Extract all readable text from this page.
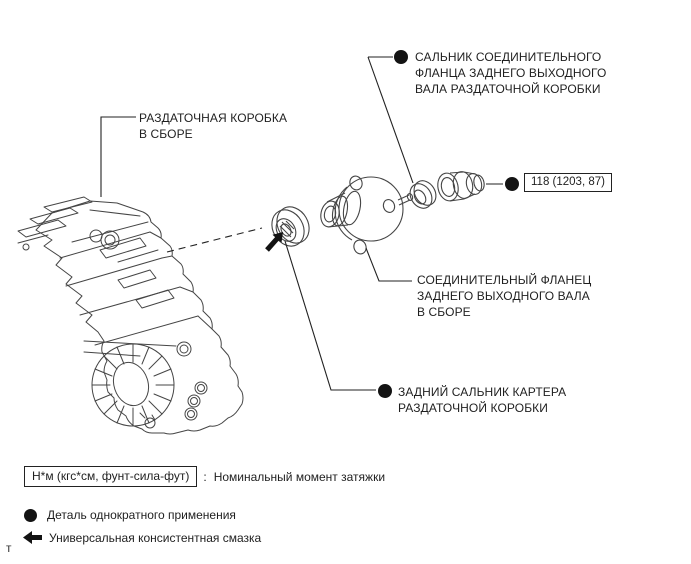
РАЗДАТОЧНАЯ КОРОБКА
В СБОРЕ
САЛЬНИК СОЕДИНИТЕЛЬНОГО
ФЛАНЦА ЗАДНЕГО ВЫХОДНОГО
ВАЛА РАЗДАТОЧНОЙ КОРОБКИ
118 (1203, 87)
СОЕДИНИТЕЛЬНЫЙ ФЛАНЕЦ
ЗАДНЕГО ВЫХОДНОГО ВАЛА
В СБОРЕ
ЗАДНИЙ САЛЬНИК КАРТЕРА
РАЗДАТОЧНОЙ КОРОБКИ
Н*м (кгс*см, фунт-сила-фут)	: Номинальный момент затяжки
Деталь однократного применения
Универсальная консистентная смазка
т
